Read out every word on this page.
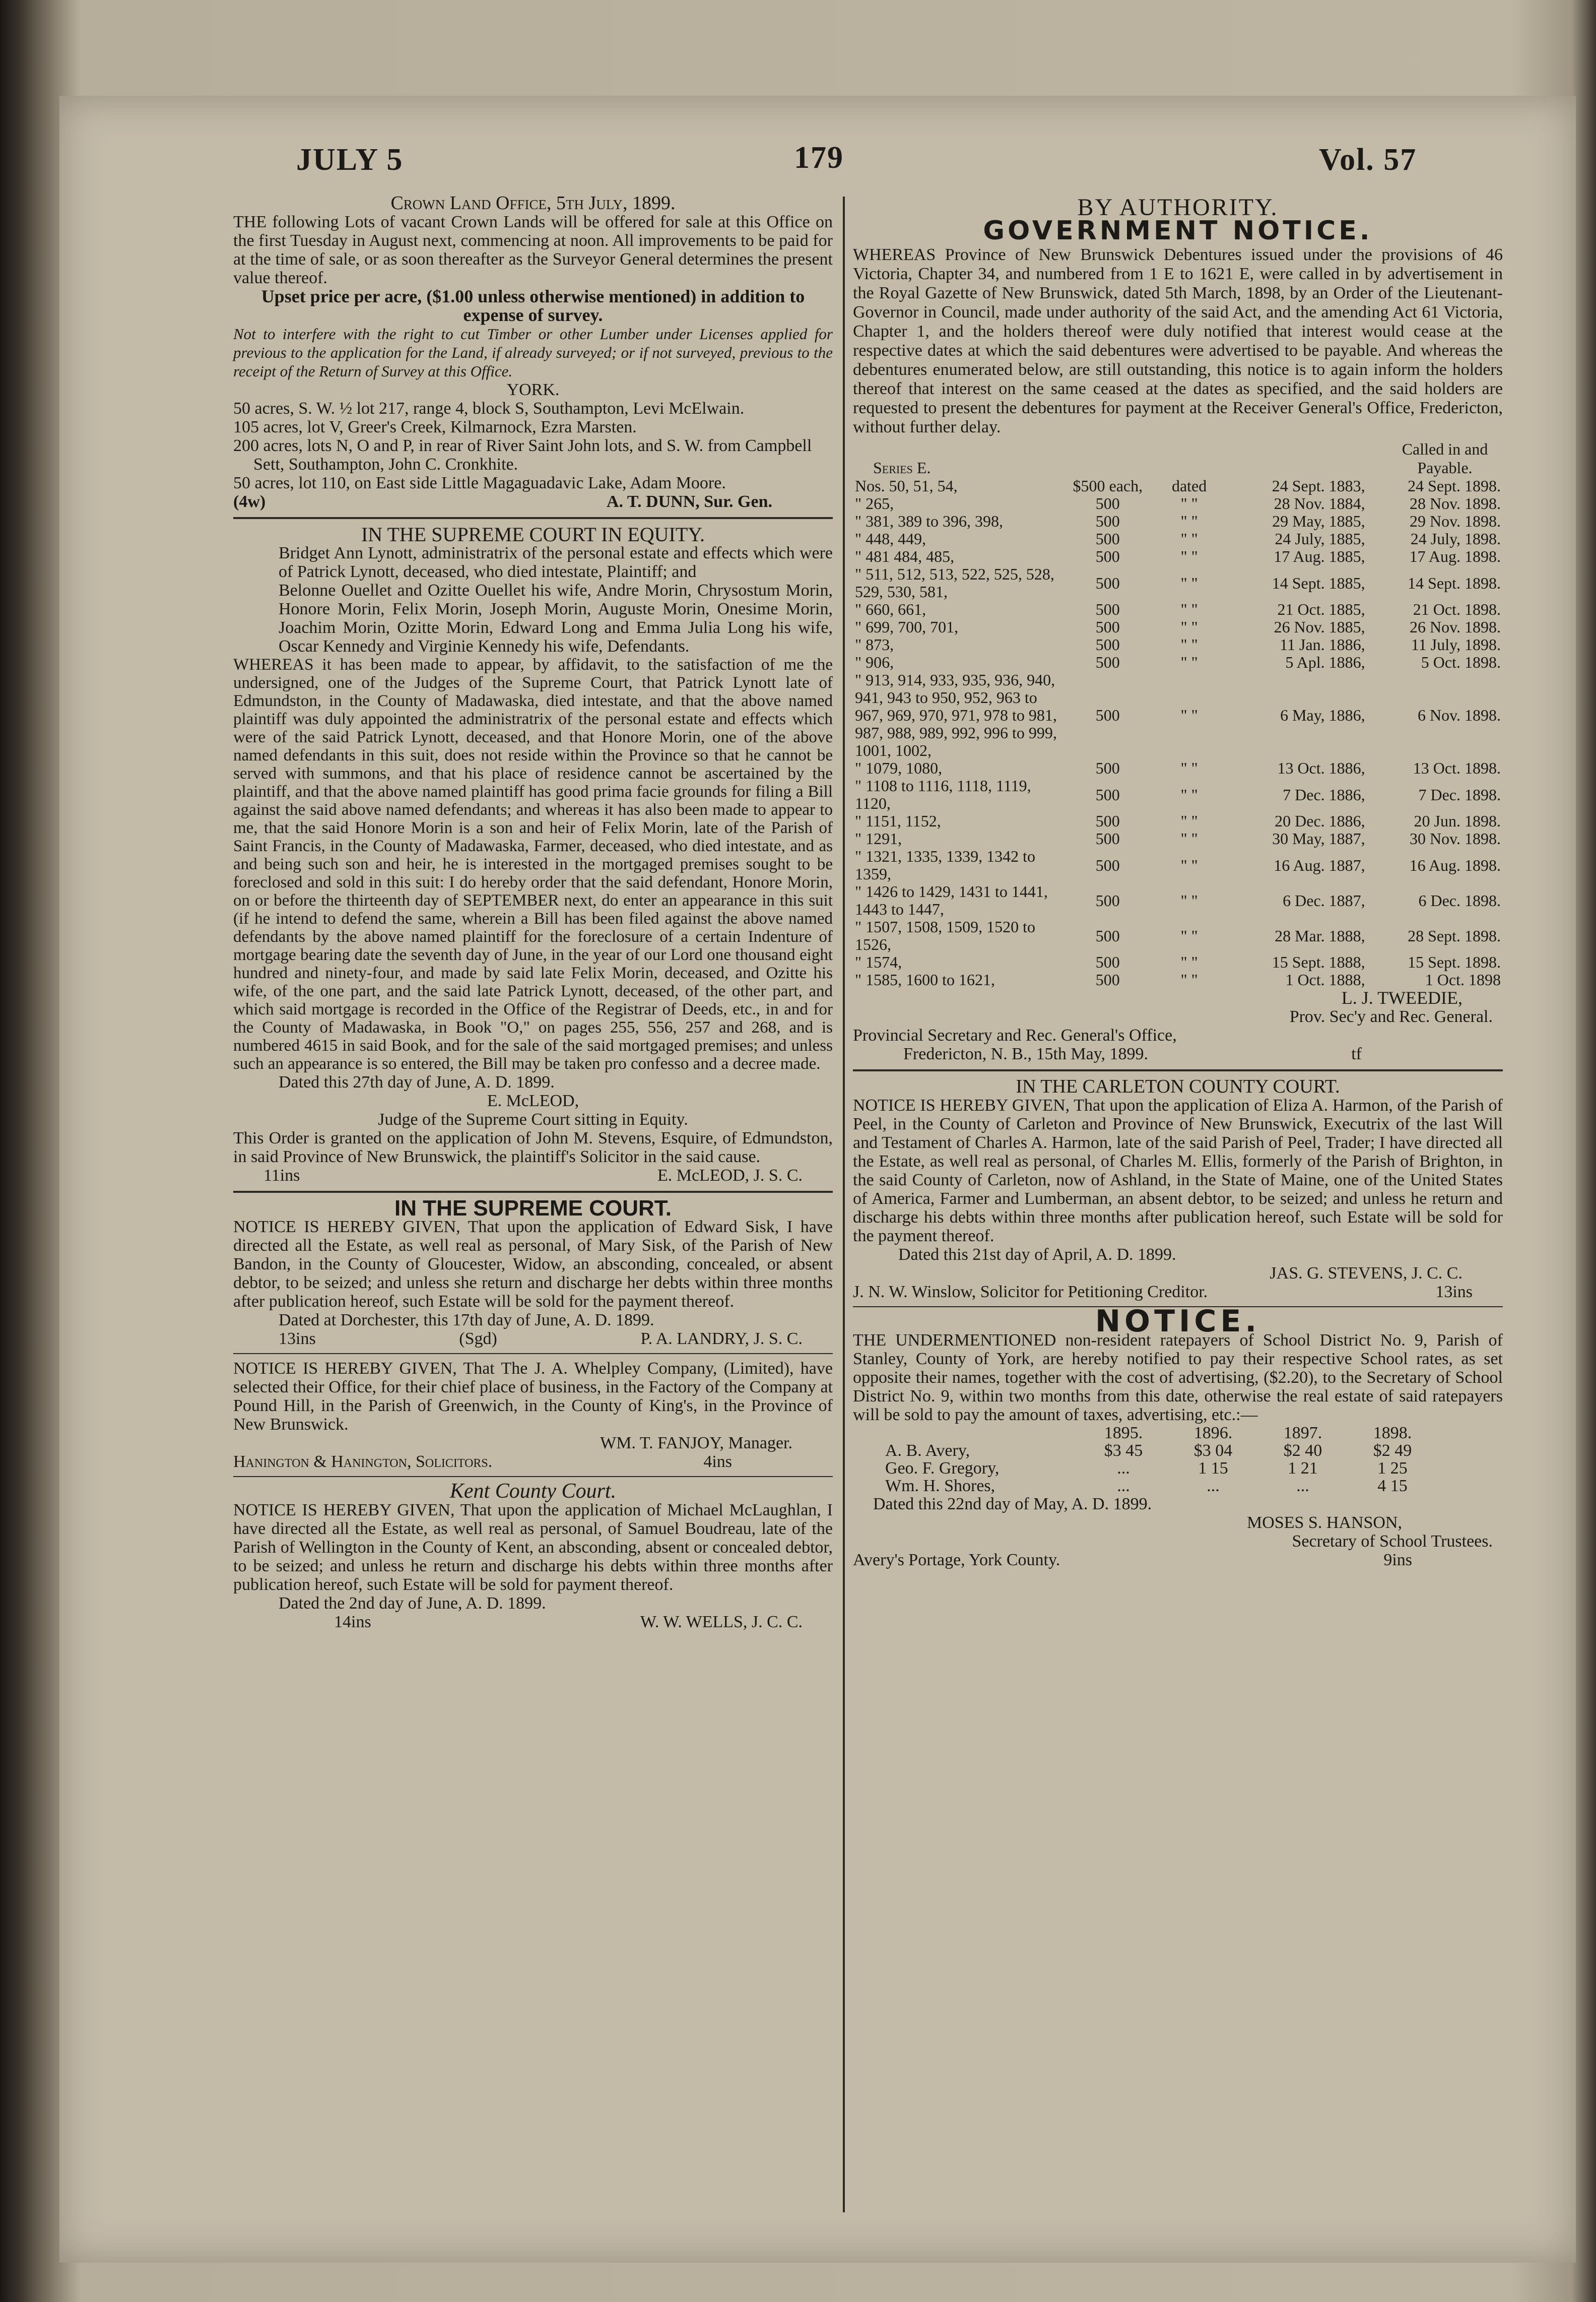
JULY 5	179	Vol. 57
Crown Land Office, 5th July, 1899.
THE following Lots of vacant Crown Lands will be offered for sale at this Office on the first Tuesday in August next, commencing at noon. All improvements to be paid for at the time of sale, or as soon thereafter as the Surveyor General determines the present value thereof.
Upset price per acre, ($1.00 unless otherwise mentioned) in addition to expense of survey.
Not to interfere with the right to cut Timber or other Lumber under Licenses applied for previous to the application for the Land, if already surveyed; or if not surveyed, previous to the receipt of the Return of Survey at this Office.
YORK.
50 acres, S. W. ½ lot 217, range 4, block S, Southampton, Levi McElwain.
105 acres, lot V, Greer's Creek, Kilmarnock, Ezra Marsten.
200 acres, lots N, O and P, in rear of River Saint John lots, and S. W. from Campbell Sett, Southampton, John C. Cronkhite.
50 acres, lot 110, on East side Little Magaguadavic Lake, Adam Moore.
(4w)	A. T. DUNN, Sur. Gen.
IN THE SUPREME COURT IN EQUITY.
Bridget Ann Lynott, administratrix of the personal estate and effects which were of Patrick Lynott, deceased, who died intestate, Plaintiff; and
Belonne Ouellet and Ozitte Ouellet his wife, Andre Morin, Chrysostum Morin, Honore Morin, Felix Morin, Joseph Morin, Auguste Morin, Onesime Morin, Joachim Morin, Ozitte Morin, Edward Long and Emma Julia Long his wife, Oscar Kennedy and Virginie Kennedy his wife, Defendants.
WHEREAS it has been made to appear, by affidavit, to the satisfaction of me the undersigned, one of the Judges of the Supreme Court, that Patrick Lynott late of Edmundston, in the County of Madawaska, died intestate, and that the above named plaintiff was duly appointed the administratrix of the personal estate and effects which were of the said Patrick Lynott, deceased, and that Honore Morin, one of the above named defendants in this suit, does not reside within the Province so that he cannot be served with summons, and that his place of residence cannot be ascertained by the plaintiff, and that the above named plaintiff has good prima facie grounds for filing a Bill against the said above named defendants; and whereas it has also been made to appear to me, that the said Honore Morin is a son and heir of Felix Morin, late of the Parish of Saint Francis, in the County of Madawaska, Farmer, deceased, who died intestate, and as and being such son and heir, he is interested in the mortgaged premises sought to be foreclosed and sold in this suit: I do hereby order that the said defendant, Honore Morin, on or before the thirteenth day of SEPTEMBER next, do enter an appearance in this suit (if he intend to defend the same, wherein a Bill has been filed against the above named defendants by the above named plaintiff for the foreclosure of a certain Indenture of mortgage bearing date the seventh day of June, in the year of our Lord one thousand eight hundred and ninety-four, and made by said late Felix Morin, deceased, and Ozitte his wife, of the one part, and the said late Patrick Lynott, deceased, of the other part, and which said mortgage is recorded in the Office of the Registrar of Deeds, etc., in and for the County of Madawaska, in Book "O," on pages 255, 556, 257 and 268, and is numbered 4615 in said Book, and for the sale of the said mortgaged premises; and unless such an appearance is so entered, the Bill may be taken pro confesso and a decree made.
Dated this 27th day of June, A. D. 1899.
E. McLEOD,
Judge of the Supreme Court sitting in Equity.
This Order is granted on the application of John M. Stevens, Esquire, of Edmundston, in said Province of New Brunswick, the plaintiff's Solicitor in the said cause.
11ins	E. McLEOD, J. S. C.
IN THE SUPREME COURT.
NOTICE IS HEREBY GIVEN, That upon the application of Edward Sisk, I have directed all the Estate, as well real as personal, of Mary Sisk, of the Parish of New Bandon, in the County of Gloucester, Widow, an absconding, concealed, or absent debtor, to be seized; and unless she return and discharge her debts within three months after publication hereof, such Estate will be sold for the payment thereof.
Dated at Dorchester, this 17th day of June, A. D. 1899.
13ins	(Sgd)	P. A. LANDRY, J. S. C.
NOTICE IS HEREBY GIVEN, That The J. A. Whelpley Company, (Limited), have selected their Office, for their chief place of business, in the Factory of the Company at Pound Hill, in the Parish of Greenwich, in the County of King's, in the Province of New Brunswick.
WM. T. FANJOY, Manager.
Hanington & Hanington, Solicitors.	4ins
Kent County Court.
NOTICE IS HEREBY GIVEN, That upon the application of Michael McLaughlan, I have directed all the Estate, as well real as personal, of Samuel Boudreau, late of the Parish of Wellington in the County of Kent, an absconding, absent or concealed debtor, to be seized; and unless he return and discharge his debts within three months after publication hereof, such Estate will be sold for payment thereof.
Dated the 2nd day of June, A. D. 1899.
14ins	W. W. WELLS, J. C. C.
BY AUTHORITY.
GOVERNMENT NOTICE.
WHEREAS Province of New Brunswick Debentures issued under the provisions of 46 Victoria, Chapter 34, and numbered from 1 E to 1621 E, were called in by advertisement in the Royal Gazette of New Brunswick, dated 5th March, 1898, by an Order of the Lieutenant-Governor in Council, made under authority of the said Act, and the amending Act 61 Victoria, Chapter 1, and the holders thereof were duly notified that interest would cease at the respective dates at which the said debentures were advertised to be payable. And whereas the debentures enumerated below, are still outstanding, this notice is to again inform the holders thereof that interest on the same ceased at the dates as specified, and the said holders are requested to present the debentures for payment at the Receiver General's Office, Fredericton, without further delay.
Series E.
Called in and Payable.
Nos. 50, 51, 54,	$500 each,	dated	24 Sept. 1883,	24 Sept. 1898.
" 265,	500	" "	28 Nov. 1884,	28 Nov. 1898.
" 381, 389 to 396, 398,	500	" "	29 May, 1885,	29 Nov. 1898.
" 448, 449,	500	" "	24 July, 1885,	24 July, 1898.
" 481 484, 485,	500	" "	17 Aug. 1885,	17 Aug. 1898.
" 511, 512, 513, 522, 525, 528, 529, 530, 581,	500	" "	14 Sept. 1885,	14 Sept. 1898.
" 660, 661,	500	" "	21 Oct. 1885,	21 Oct. 1898.
" 699, 700, 701,	500	" "	26 Nov. 1885,	26 Nov. 1898.
" 873,	500	" "	11 Jan. 1886,	11 July, 1898.
" 906,	500	" "	5 Apl. 1886,	5 Oct. 1898.
" 913, 914, 933, 935, 936, 940, 941, 943 to 950, 952, 963 to 967, 969, 970, 971, 978 to 981, 987, 988, 989, 992, 996 to 999, 1001, 1002,	500	" "	6 May, 1886,	6 Nov. 1898.
" 1079, 1080,	500	" "	13 Oct. 1886,	13 Oct. 1898.
" 1108 to 1116, 1118, 1119, 1120,	500	" "	7 Dec. 1886,	7 Dec. 1898.
" 1151, 1152,	500	" "	20 Dec. 1886,	20 Jun. 1898.
" 1291,	500	" "	30 May, 1887,	30 Nov. 1898.
" 1321, 1335, 1339, 1342 to 1359,	500	" "	16 Aug. 1887,	16 Aug. 1898.
" 1426 to 1429, 1431 to 1441, 1443 to 1447,	500	" "	6 Dec. 1887,	6 Dec. 1898.
" 1507, 1508, 1509, 1520 to 1526,	500	" "	28 Mar. 1888,	28 Sept. 1898.
" 1574,	500	" "	15 Sept. 1888,	15 Sept. 1898.
" 1585, 1600 to 1621,	500	" "	1 Oct. 1888,	1 Oct. 1898
L. J. TWEEDIE,
Prov. Sec'y and Rec. General.
Provincial Secretary and Rec. General's Office,
Fredericton, N. B., 15th May, 1899.	tf
IN THE CARLETON COUNTY COURT.
NOTICE IS HEREBY GIVEN, That upon the application of Eliza A. Harmon, of the Parish of Peel, in the County of Carleton and Province of New Brunswick, Executrix of the last Will and Testament of Charles A. Harmon, late of the said Parish of Peel, Trader; I have directed all the Estate, as well real as personal, of Charles M. Ellis, formerly of the Parish of Brighton, in the said County of Carleton, now of Ashland, in the State of Maine, one of the United States of America, Farmer and Lumberman, an absent debtor, to be seized; and unless he return and discharge his debts within three months after publication hereof, such Estate will be sold for the payment thereof.
Dated this 21st day of April, A. D. 1899.
JAS. G. STEVENS, J. C. C.
J. N. W. Winslow, Solicitor for Petitioning Creditor.	13ins
NOTICE.
THE UNDERMENTIONED non-resident ratepayers of School District No. 9, Parish of Stanley, County of York, are hereby notified to pay their respective School rates, as set opposite their names, together with the cost of advertising, ($2.20), to the Secretary of School District No. 9, within two months from this date, otherwise the real estate of said ratepayers will be sold to pay the amount of taxes, advertising, etc.:—
	1895.	1896.	1897.	1898.
A. B. Avery,	$3 45	$3 04	$2 40	$2 49
Geo. F. Gregory,	...	1 15	1 21	1 25
Wm. H. Shores,	...	...	...	4 15
Dated this 22nd day of May, A. D. 1899.
MOSES S. HANSON,
Secretary of School Trustees.
Avery's Portage, York County.	9ins
